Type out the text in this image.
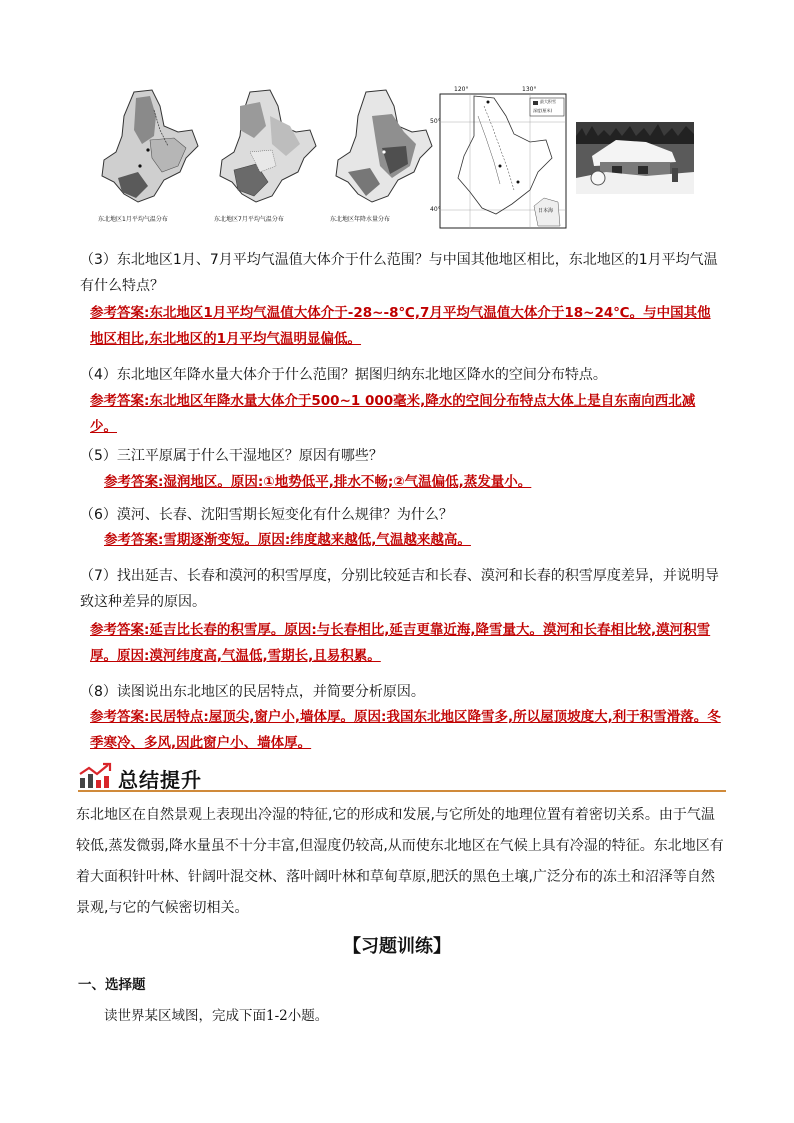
东北地区1月平均气温分布	东北地区7月平均气温分布	东北地区年降水量分布
120°	130°
50°
40°
最大积雪
深度(厘米)
日本海
（3）东北地区1月、7月平均气温值大体介于什么范围？与中国其他地区相比，东北地区的1月平均气温有什么特点？
参考答案:东北地区1月平均气温值大体介于-28~-8℃,7月平均气温值大体介于18~24℃。与中国其他地区相比,东北地区的1月平均气温明显偏低。
（4）东北地区年降水量大体介于什么范围？据图归纳东北地区降水的空间分布特点。
参考答案:东北地区年降水量大体介于500~1 000毫米,降水的空间分布特点大体上是自东南向西北减少。
（5）三江平原属于什么干湿地区？原因有哪些？
参考答案:湿润地区。原因:①地势低平,排水不畅;②气温偏低,蒸发量小。
（6）漠河、长春、沈阳雪期长短变化有什么规律？为什么？
参考答案:雪期逐渐变短。原因:纬度越来越低,气温越来越高。
（7）找出延吉、长春和漠河的积雪厚度，分别比较延吉和长春、漠河和长春的积雪厚度差异，并说明导致这种差异的原因。
参考答案:延吉比长春的积雪厚。原因:与长春相比,延吉更靠近海,降雪量大。漠河和长春相比较,漠河积雪厚。原因:漠河纬度高,气温低,雪期长,且易积累。
（8）读图说出东北地区的民居特点，并简要分析原因。
参考答案:民居特点:屋顶尖,窗户小,墙体厚。原因:我国东北地区降雪多,所以屋顶坡度大,利于积雪滑落。冬季寒冷、多风,因此窗户小、墙体厚。
总结提升
东北地区在自然景观上表现出冷湿的特征,它的形成和发展,与它所处的地理位置有着密切关系。由于气温较低,蒸发微弱,降水量虽不十分丰富,但湿度仍较高,从而使东北地区在气候上具有冷湿的特征。东北地区有着大面积针叶林、针阔叶混交林、落叶阔叶林和草甸草原,肥沃的黑色土壤,广泛分布的冻土和沼泽等自然景观,与它的气候密切相关。
【习题训练】
一、选择题
读世界某区域图，完成下面1-2小题。
